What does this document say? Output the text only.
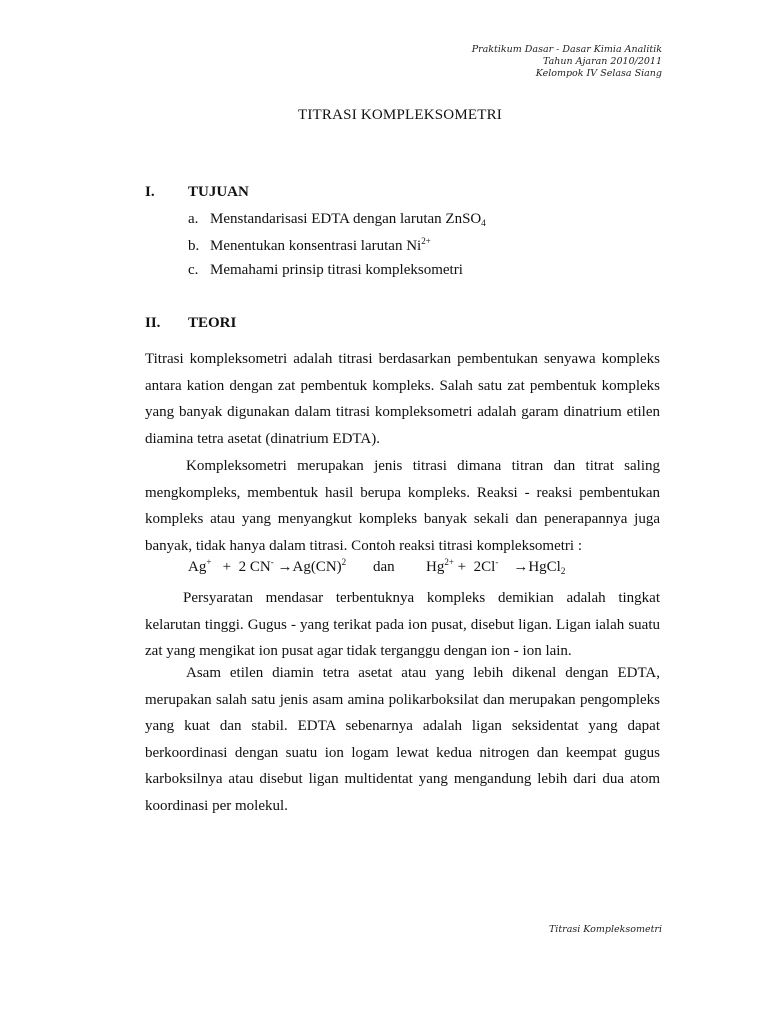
Praktikum Dasar - Dasar Kimia Analitik
Tahun Ajaran 2010/2011
Kelompok IV Selasa Siang
TITRASI KOMPLEKSOMETRI
I. TUJUAN
a. Menstandarisasi EDTA dengan larutan ZnSO$_4$
b. Menentukan konsentrasi larutan $Ni^{2+}$
c. Memahami prinsip titrasi kompleksometri
II. TEORI

Titrasi kompleksometri adalah titrasi berdasarkan pembentukan senyawa kompleks antara kation dengan zat pembentuk kompleks. Salah satu zat pembentuk kompleks yang banyak digunakan dalam titrasi kompleksometri adalah garam dinatrium etilen diamina tetra asetat (dinatrium EDTA).

Kompleksometri merupakan jenis titrasi dimana titran dan titrat saling mengkompleks, membentuk hasil berupa kompleks. Reaksi - reaksi pembentukan kompleks atau yang menyangkut kompleks banyak sekali dan penerapannya juga banyak, tidak hanya dalam titrasi. Contoh reaksi titrasi kompleksometri :

Ag+ + 2 CN- →Ag(CN)$^2$ dan $Hg^{2+} + 2Cl^-$ →HgCl$_2$

Persyaratan mendasar terbentuknya kompleks demikian adalah tingkat kelarutan tinggi. Gugus - yang terikat pada ion pusat, disebut ligan. Ligan ialah suatu zat yang mengikat ion pusat agar tidak terganggu dengan ion - ion lain.

Asam etilen diamin tetra asetat atau yang lebih dikenal dengan EDTA, merupakan salah satu jenis asam amina polikarboksilat dan merupakan pengompleks yang kuat dan stabil. EDTA sebenarnya adalah ligan seksidentat yang dapat berkoordinasi dengan suatu ion logam lewat kedua nitrogen dan keempat gugus karboksilnya atau disebut ligan multidentat yang mengandung lebih dari dua atom koordinasi per molekul.

Titrasi Kompleksometri
